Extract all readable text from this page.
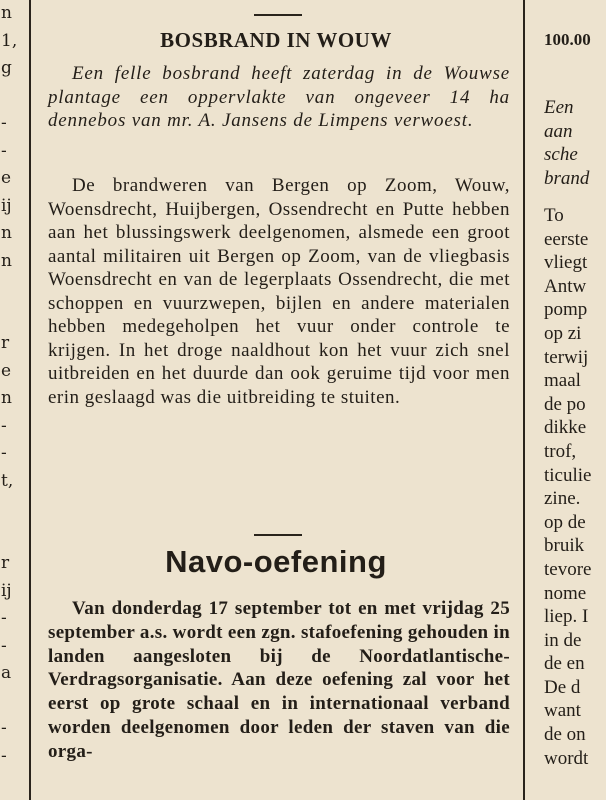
n
1,
g

-
-
e
ij
n
n

r
e
n
-
-
t,

r
ij
-
-
a

-
-
BOSBRAND IN WOUW

Een felle bosbrand heeft zaterdag in de Wouwse plantage een oppervlakte van ongeveer 14 ha dennebos van mr. A. Jansens de Limpens verwoest.

De brandweren van Bergen op Zoom, Wouw, Woensdrecht, Huijbergen, Ossendrecht en Putte hebben aan het blussingswerk deelgenomen, alsmede een groot aantal militairen uit Bergen op Zoom, van de vliegbasis Woensdrecht en van de legerplaats Ossendrecht, die met schoppen en vuurzwepen, bijlen en andere materialen hebben medegeholpen het vuur onder controle te krijgen. In het droge naaldhout kon het vuur zich snel uitbreiden en het duurde dan ook geruime tijd voor men erin geslaagd was die uitbreiding te stuiten.

Navo-oefening

Van donderdag 17 september tot en met vrijdag 25 september a.s. wordt een zgn. stafoefening gehouden in landen aangesloten bij de Noordatlantische-Verdragsorganisatie. Aan deze oefening zal voor het eerst op grote schaal en in internationaal verband worden deelgenomen door leden der staven van die orga-

100.00
Een
aan
sche
brand
To
eerste
vliegt
Antw
pomp
op zi
terwij
maal
de po
dikke
trof,
ticulie
zine.
op de
bruik
tevore
nome
liep. I
in de
de en
De d
want
de on
wordt
